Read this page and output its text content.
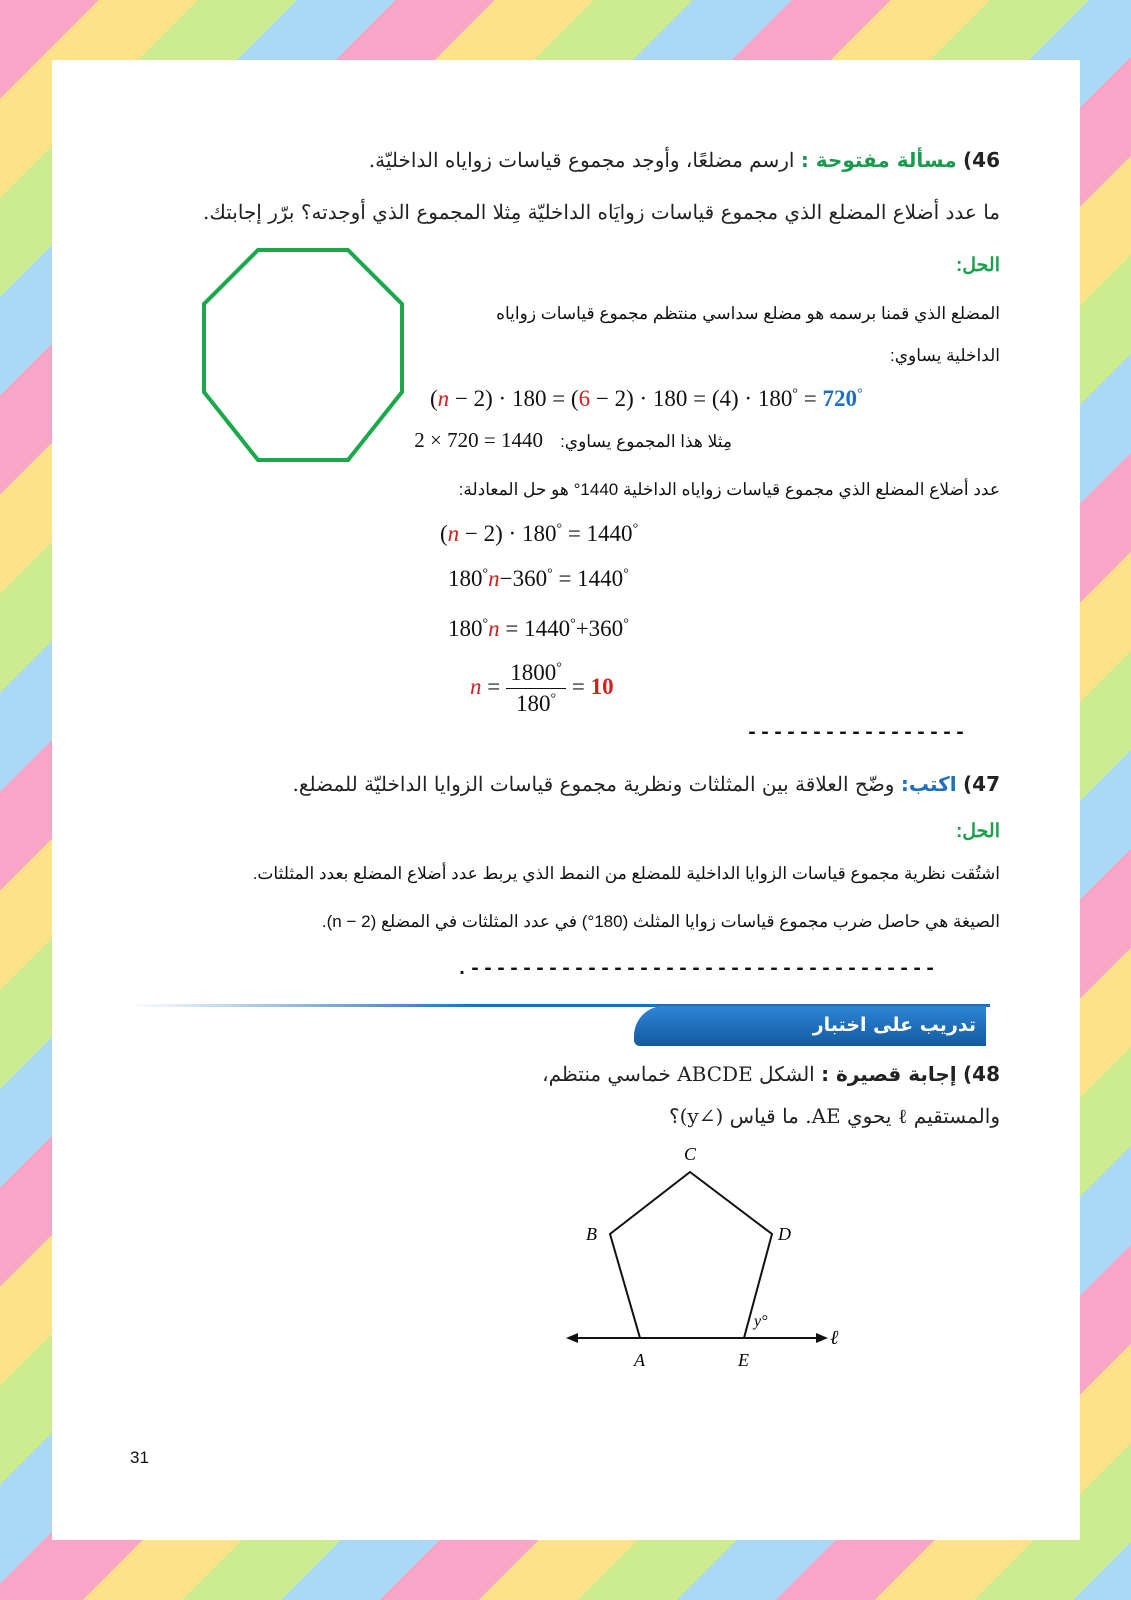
46) مسألة مفتوحة : ارسم مضلعًا، وأوجد مجموع قياسات زواياه الداخليّة.
ما عدد أضلاع المضلع الذي مجموع قياسات زوايَاه الداخليّة مِثلا المجموع الذي أوجدته؟ برّر إجابتك.
الحل:
المضلع الذي قمنا برسمه هو مضلع سداسي منتظم مجموع قياسات زواياه
الداخلية يساوي:
(n − 2) · 180 = (6 − 2) · 180 = (4) · 180° = 720°
مِثلا هذا المجموع يساوي: 2 × 720 = 1440
عدد أضلاع المضلع الذي مجموع قياسات زواياه الداخلية 1440° هو حل المعادلة:
(n − 2) · 180° = 1440°
180°n−360° = 1440°
180°n = 1440°+360°
$n = \frac{1800^\circ}{180^\circ} = 10$
-----------------
47) اكتب: وضّح العلاقة بين المثلثات ونظرية مجموع قياسات الزوايا الداخليّة للمضلع.
الحل:
اشتُقت نظرية مجموع قياسات الزوايا الداخلية للمضلع من النمط الذي يربط عدد أضلاع المضلع بعدد المثلثات.
الصيغة هي حاصل ضرب مجموع قياسات زوايا المثلث (180°) في عدد المثلثات في المضلع (n − 2).
.------------------------------------
تدريب على اختبار
48) إجابة قصيرة : الشكل ABCDE خماسي منتظم،
والمستقيم ℓ يحوي AE. ما قياس (∠y)؟
A
B
C
D
E
y°
ℓ
31
